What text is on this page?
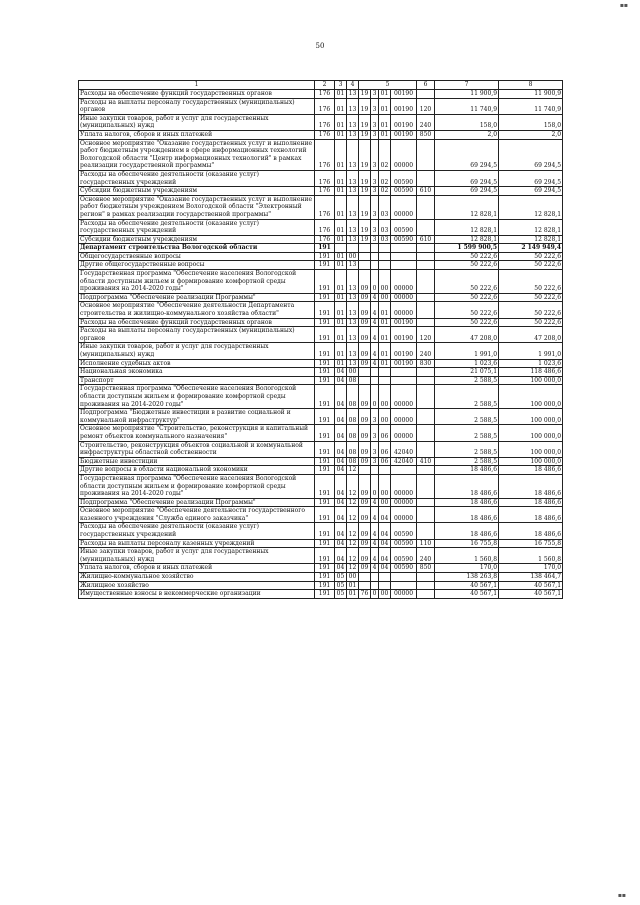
50
1	2	3	4	5				6	7	8
Расходы на обеспечение функций государственных органов	176	01	13	19	3	01	00190		11 900,9	11 900,9
Расходы на выплаты персоналу государственных (муниципальных) органов	176	01	13	19	3	01	00190	120	11 740,9	11 740,9
Иные закупки товаров, работ и услуг для государственных (муниципальных) нужд	176	01	13	19	3	01	00190	240	158,0	158,0
Уплата налогов, сборов и иных платежей	176	01	13	19	3	01	00190	850	2,0	2,0
Основное мероприятие "Оказание государственных услуг и выполнение работ бюджетным учреждением в сфере информационных технологий Вологодской области "Центр информационных технологий" в рамках реализации государственной программы"	176	01	13	19	3	02	00000		69 294,5	69 294,5
Расходы на обеспечение деятельности (оказание услуг) государственных учреждений	176	01	13	19	3	02	00590		69 294,5	69 294,5
Субсидии бюджетным учреждениям	176	01	13	19	3	02	00590	610	69 294,5	69 294,5
Основное мероприятие "Оказание государственных услуг и выполнение работ бюджетным учреждением Вологодской области "Электронный регион" в рамках реализации государственной программы"	176	01	13	19	3	03	00000		12 828,1	12 828,1
Расходы на обеспечение деятельности (оказание услуг) государственных учреждений	176	01	13	19	3	03	00590		12 828,1	12 828,1
Субсидии бюджетным учреждениям	176	01	13	19	3	03	00590	610	12 828,1	12 828,1
Департамент строительства Вологодской области	191								1 599 900,5	2 149 949,4
Общегосударственные вопросы	191	01	00						50 222,6	50 222,6
Другие общегосударственные вопросы	191	01	13						50 222,6	50 222,6
Государственная программа "Обеспечение населения Вологодской области доступным жильем и формирование комфортной среды проживания на 2014-2020 годы"	191	01	13	09	0	00	00000		50 222,6	50 222,6
Подпрограмма "Обеспечение реализации Программы"	191	01	13	09	4	00	00000		50 222,6	50 222,6
Основное мероприятие "Обеспечение деятельности Департамента строительства и жилищно-коммунального хозяйства области"	191	01	13	09	4	01	00000		50 222,6	50 222,6
Расходы на обеспечение функций государственных органов	191	01	13	09	4	01	00190		50 222,6	50 222,6
Расходы на выплаты персоналу государственных (муниципальных) органов	191	01	13	09	4	01	00190	120	47 208,0	47 208,0
Иные закупки товаров, работ и услуг для государственных (муниципальных) нужд	191	01	13	09	4	01	00190	240	1 991,0	1 991,0
Исполнение судебных актов	191	01	13	09	4	01	00190	830	1 023,6	1 023,6
Национальная экономика	191	04	00						21 075,1	118 486,6
Транспорт	191	04	08						2 588,5	100 000,0
Государственная программа "Обеспечение населения Вологодской области доступным жильем и формирование комфортной среды проживания на 2014-2020 годы"	191	04	08	09	0	00	00000		2 588,5	100 000,0
Подпрограмма "Бюджетные инвестиции в развитие социальной и коммунальной инфраструктур"	191	04	08	09	3	00	00000		2 588,5	100 000,0
Основное мероприятие "Строительство, реконструкция и капитальный ремонт объектов коммунального назначения"	191	04	08	09	3	06	00000		2 588,5	100 000,0
Строительство, реконструкция объектов социальной и коммунальной инфраструктуры областной собственности	191	04	08	09	3	06	42040		2 588,5	100 000,0
Бюджетные инвестиции	191	04	08	09	3	06	42040	410	2 588,5	100 000,0
Другие вопросы в области национальной экономики	191	04	12						18 486,6	18 486,6
Государственная программа "Обеспечение населения Вологодской области доступным жильем и формирование комфортной среды проживания на 2014-2020 годы"	191	04	12	09	0	00	00000		18 486,6	18 486,6
Подпрограмма "Обеспечение реализации Программы"	191	04	12	09	4	00	00000		18 486,6	18 486,6
Основное мероприятие "Обеспечение деятельности государственного казенного учреждения "Служба единого заказчика"	191	04	12	09	4	04	00000		18 486,6	18 486,6
Расходы на обеспечение деятельности (оказание услуг) государственных учреждений	191	04	12	09	4	04	00590		18 486,6	18 486,6
Расходы на выплаты персоналу казенных учреждений	191	04	12	09	4	04	00590	110	16 755,8	16 755,8
Иные закупки товаров, работ и услуг для государственных (муниципальных) нужд	191	04	12	09	4	04	00590	240	1 560,8	1 560,8
Уплата налогов, сборов и иных платежей	191	04	12	09	4	04	00590	850	170,0	170,0
Жилищно-коммунальное хозяйство	191	05	00						138 263,8	138 464,7
Жилищное хозяйство	191	05	01						40 567,1	40 567,1
Имущественные взносы в некоммерческие организации	191	05	01	76	0	00	00000		40 567,1	40 567,1
▪▪
▪▪
